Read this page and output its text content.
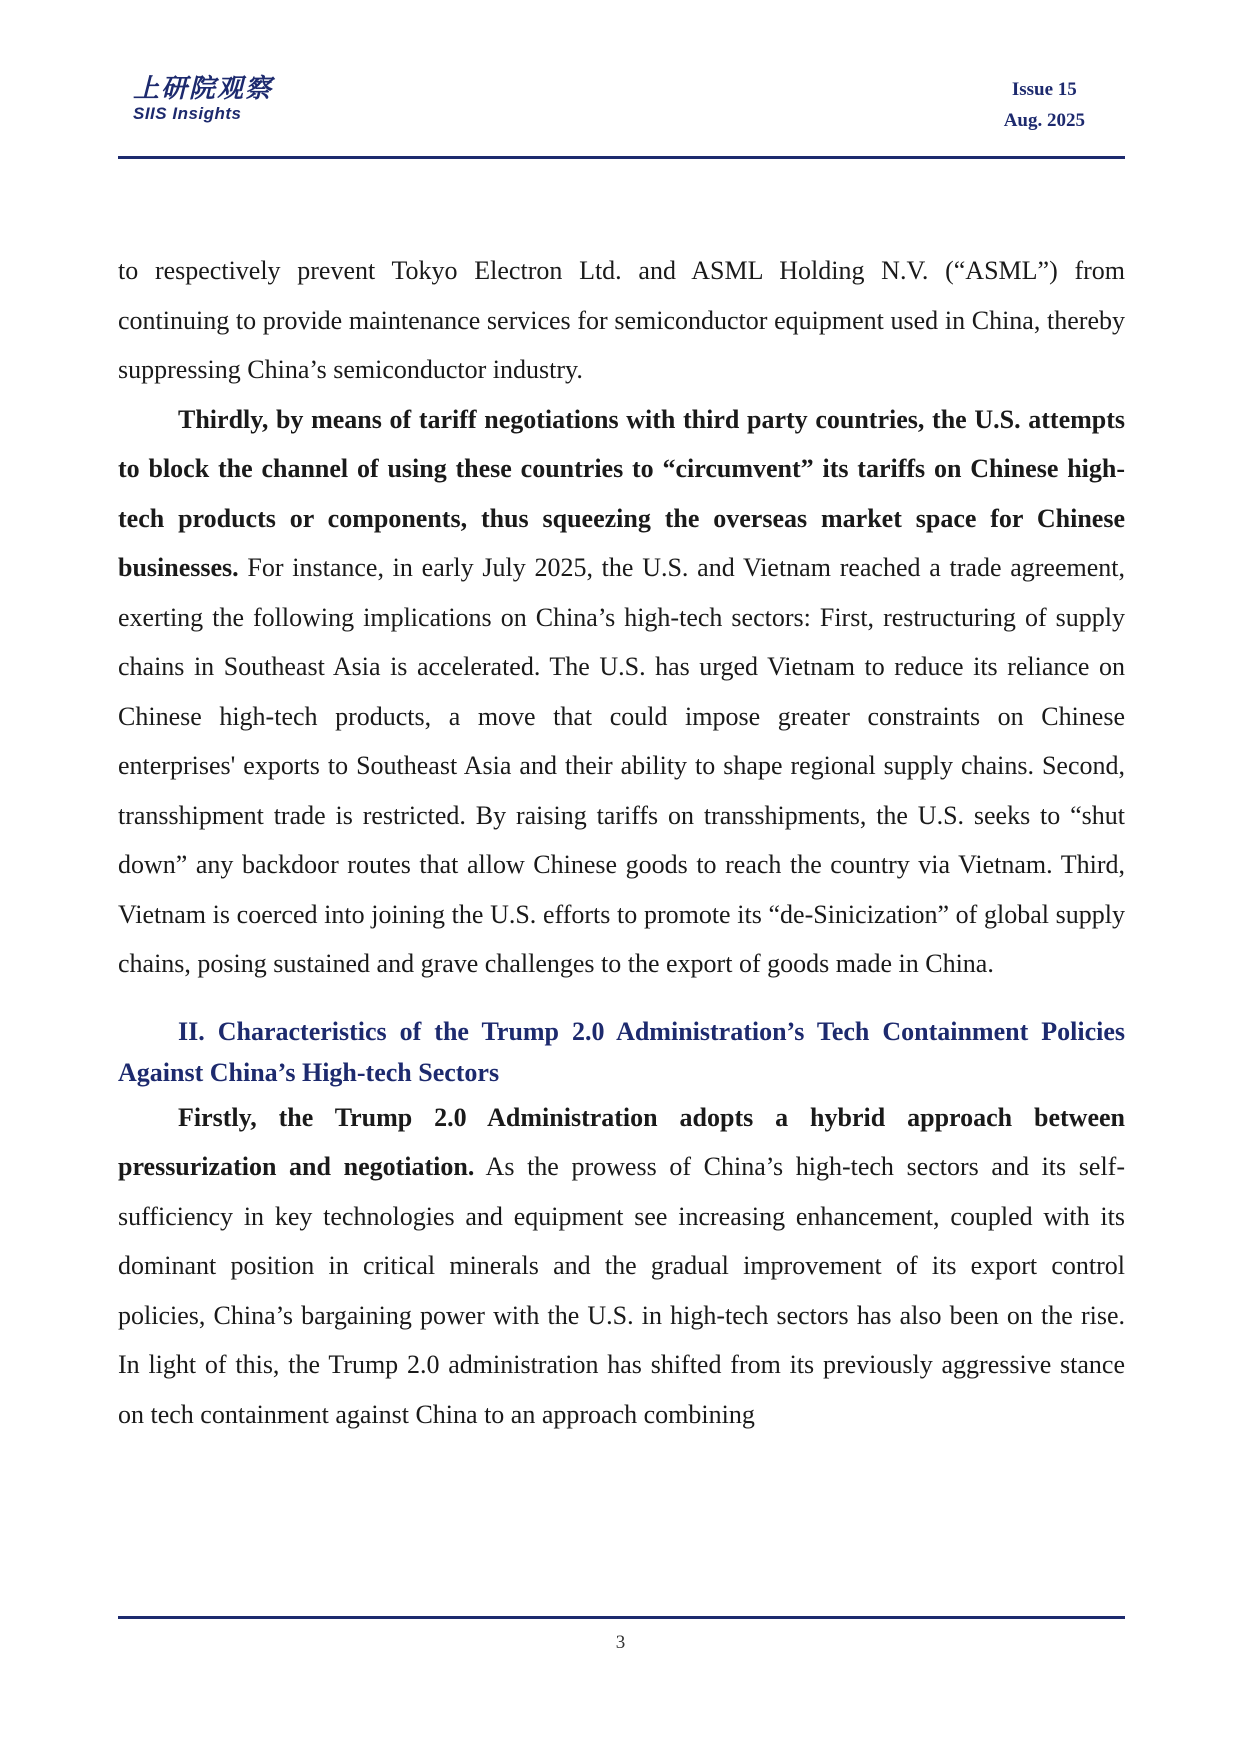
上研院观察
SIIS Insights
Issue 15
Aug. 2025

to respectively prevent Tokyo Electron Ltd. and ASML Holding N.V. (“ASML”) from continuing to provide maintenance services for semiconductor equipment used in China, thereby suppressing China’s semiconductor industry.

Thirdly, by means of tariff negotiations with third party countries, the U.S. attempts to block the channel of using these countries to “circumvent” its tariffs on Chinese high-tech products or components, thus squeezing the overseas market space for Chinese businesses. For instance, in early July 2025, the U.S. and Vietnam reached a trade agreement, exerting the following implications on China’s high-tech sectors: First, restructuring of supply chains in Southeast Asia is accelerated. The U.S. has urged Vietnam to reduce its reliance on Chinese high-tech products, a move that could impose greater constraints on Chinese enterprises' exports to Southeast Asia and their ability to shape regional supply chains. Second, transshipment trade is restricted. By raising tariffs on transshipments, the U.S. seeks to “shut down” any backdoor routes that allow Chinese goods to reach the country via Vietnam. Third, Vietnam is coerced into joining the U.S. efforts to promote its “de-Sinicization” of global supply chains, posing sustained and grave challenges to the export of goods made in China.

II. Characteristics of the Trump 2.0 Administration’s Tech Containment Policies Against China’s High-tech Sectors

Firstly, the Trump 2.0 Administration adopts a hybrid approach between pressurization and negotiation. As the prowess of China’s high-tech sectors and its self-sufficiency in key technologies and equipment see increasing enhancement, coupled with its dominant position in critical minerals and the gradual improvement of its export control policies, China’s bargaining power with the U.S. in high-tech sectors has also been on the rise. In light of this, the Trump 2.0 administration has shifted from its previously aggressive stance on tech containment against China to an approach combining

3
